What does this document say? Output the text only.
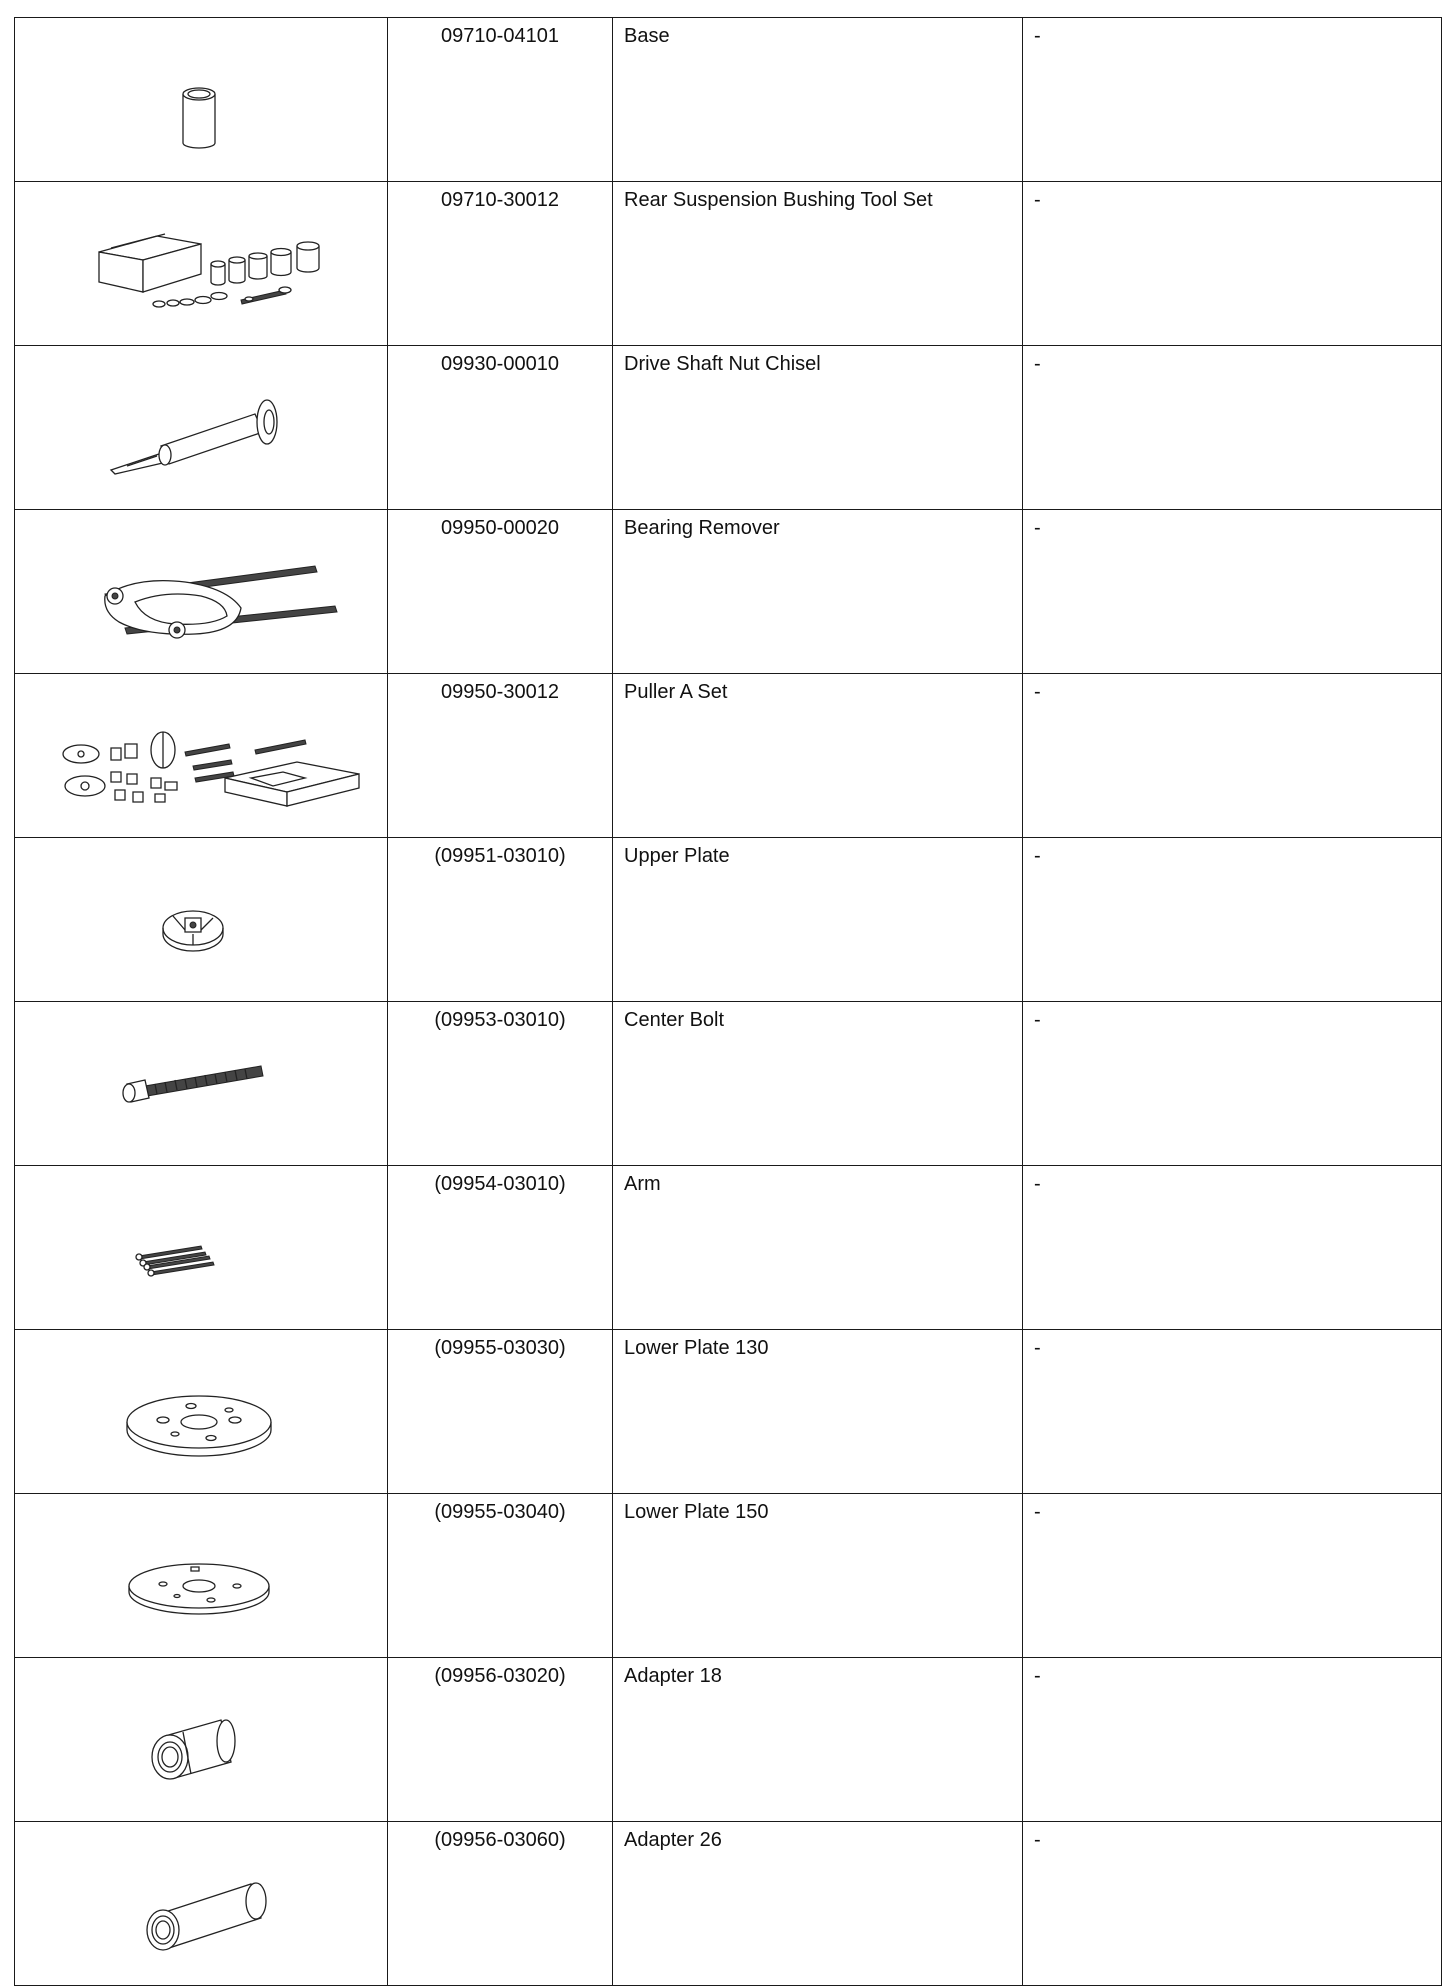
	09710-04101	Base	-

	09710-30012	Rear Suspension Bushing Tool Set	-

	09930-00010	Drive Shaft Nut Chisel	-

	09950-00020	Bearing Remover	-

	09950-30012	Puller A Set	-

	(09951-03010)	Upper Plate	-

	(09953-03010)	Center Bolt	-

	(09954-03010)	Arm	-

	(09955-03030)	Lower Plate 130	-

	(09955-03040)	Lower Plate 150	-

	(09956-03020)	Adapter 18	-

	(09956-03060)	Adapter 26	-
